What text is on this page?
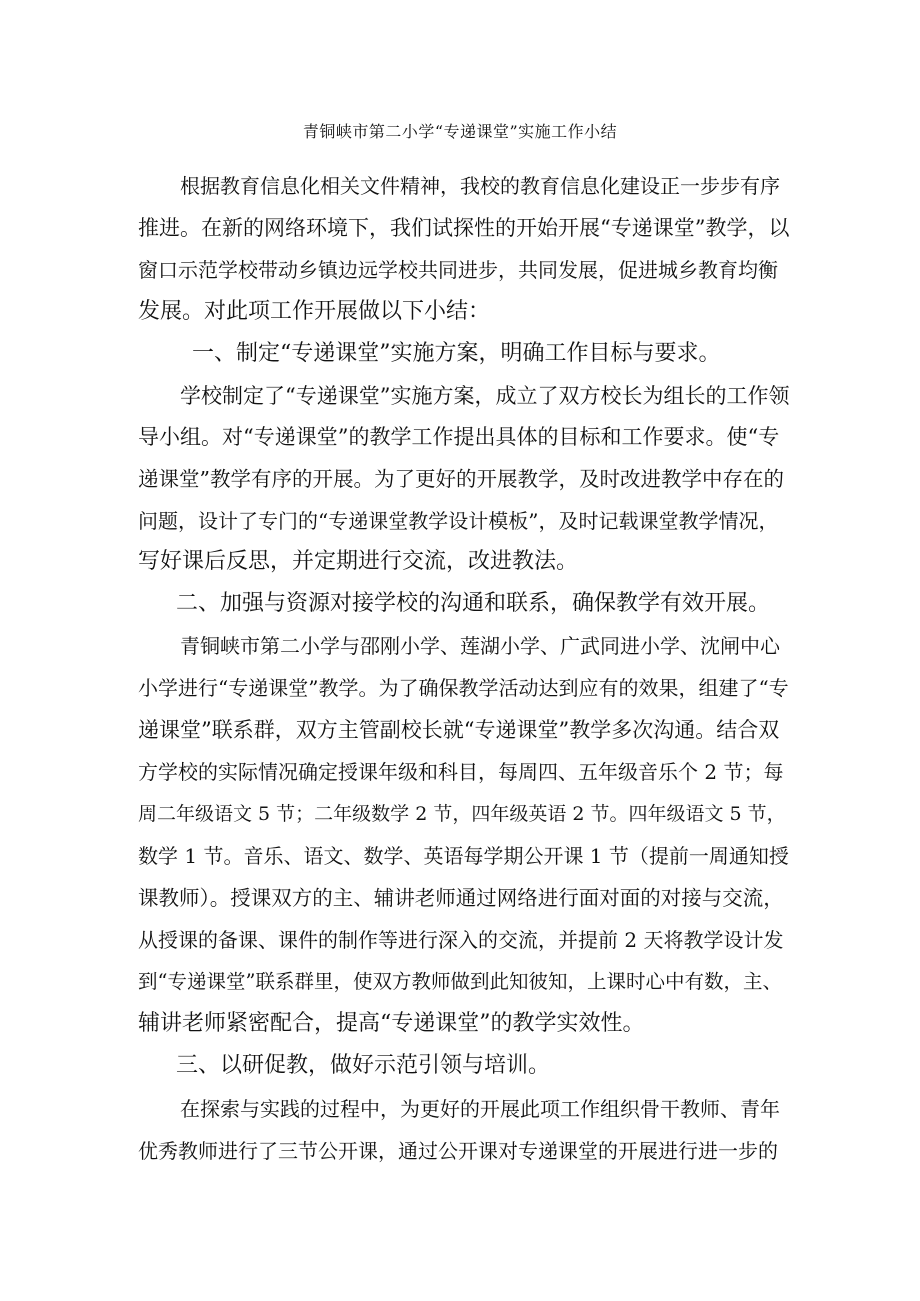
青铜峡市第二小学“专递课堂”实施工作小结
根据教育信息化相关文件精神，我校的教育信息化建设正一步步有序
推进。在新的网络环境下，我们试探性的开始开展“专递课堂”教学，以
窗口示范学校带动乡镇边远学校共同进步，共同发展，促进城乡教育均衡
发展。对此项工作开展做以下小结：
一、制定“专递课堂”实施方案，明确工作目标与要求。
学校制定了“专递课堂”实施方案，成立了双方校长为组长的工作领
导小组。对“专递课堂”的教学工作提出具体的目标和工作要求。使“专
递课堂”教学有序的开展。为了更好的开展教学，及时改进教学中存在的
问题，设计了专门的“专递课堂教学设计模板”，及时记载课堂教学情况，
写好课后反思，并定期进行交流，改进教法。
二、加强与资源对接学校的沟通和联系，确保教学有效开展。
青铜峡市第二小学与邵刚小学、莲湖小学、广武同进小学、沈闸中心
小学进行“专递课堂”教学。为了确保教学活动达到应有的效果，组建了“专
递课堂”联系群，双方主管副校长就“专递课堂”教学多次沟通。结合双
方学校的实际情况确定授课年级和科目，每周四、五年级音乐个 2 节；每
周二年级语文 5 节；二年级数学 2 节，四年级英语 2 节。四年级语文 5 节，
数学 1 节。音乐、语文、数学、英语每学期公开课 1 节（提前一周通知授
课教师）。授课双方的主、辅讲老师通过网络进行面对面的对接与交流，
从授课的备课、课件的制作等进行深入的交流，并提前 2 天将教学设计发
到“专递课堂”联系群里，使双方教师做到此知彼知，上课时心中有数，主、
辅讲老师紧密配合，提高“专递课堂”的教学实效性。
三、以研促教，做好示范引领与培训。
在探索与实践的过程中，为更好的开展此项工作组织骨干教师、青年
优秀教师进行了三节公开课，通过公开课对专递课堂的开展进行进一步的
